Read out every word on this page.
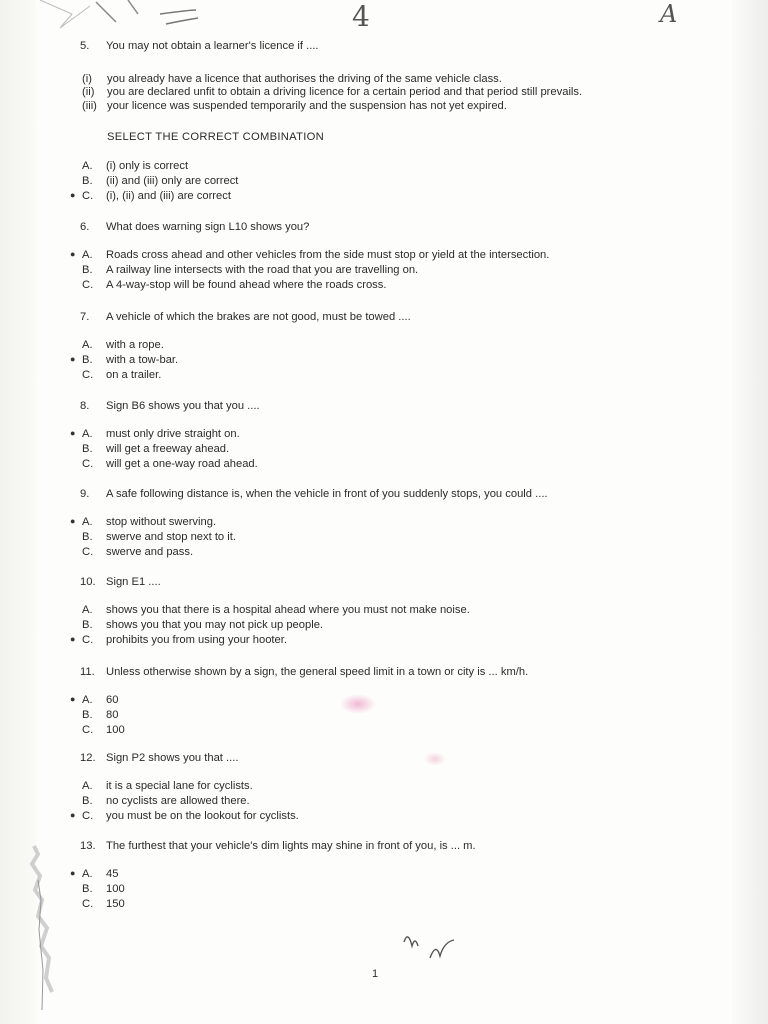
4	A
5. You may not obtain a learner's licence if ....
(i) you already have a licence that authorises the driving of the same vehicle class.
(ii) you are declared unfit to obtain a driving licence for a certain period and that period still prevails.
(iii) your licence was suspended temporarily and the suspension has not yet expired.
SELECT THE CORRECT COMBINATION
A. (i) only is correct
B. (ii) and (iii) only are correct
● C. (i), (ii) and (iii) are correct
6. What does warning sign L10 shows you?
● A. Roads cross ahead and other vehicles from the side must stop or yield at the intersection.
B. A railway line intersects with the road that you are travelling on.
C. A 4-way-stop will be found ahead where the roads cross.
7. A vehicle of which the brakes are not good, must be towed ....
A. with a rope.
● B. with a tow-bar.
C. on a trailer.
8. Sign B6 shows you that you ....
● A. must only drive straight on.
B. will get a freeway ahead.
C. will get a one-way road ahead.
9. A safe following distance is, when the vehicle in front of you suddenly stops, you could ....
● A. stop without swerving.
B. swerve and stop next to it.
C. swerve and pass.
10. Sign E1 ....
A. shows you that there is a hospital ahead where you must not make noise.
B. shows you that you may not pick up people.
● C. prohibits you from using your hooter.
11. Unless otherwise shown by a sign, the general speed limit in a town or city is ... km/h.
● A. 60
B. 80
C. 100
12. Sign P2 shows you that ....
A. it is a special lane for cyclists.
B. no cyclists are allowed there.
● C. you must be on the lookout for cyclists.
13. The furthest that your vehicle's dim lights may shine in front of you, is ... m.
● A. 45
B. 100
C. 150
1
